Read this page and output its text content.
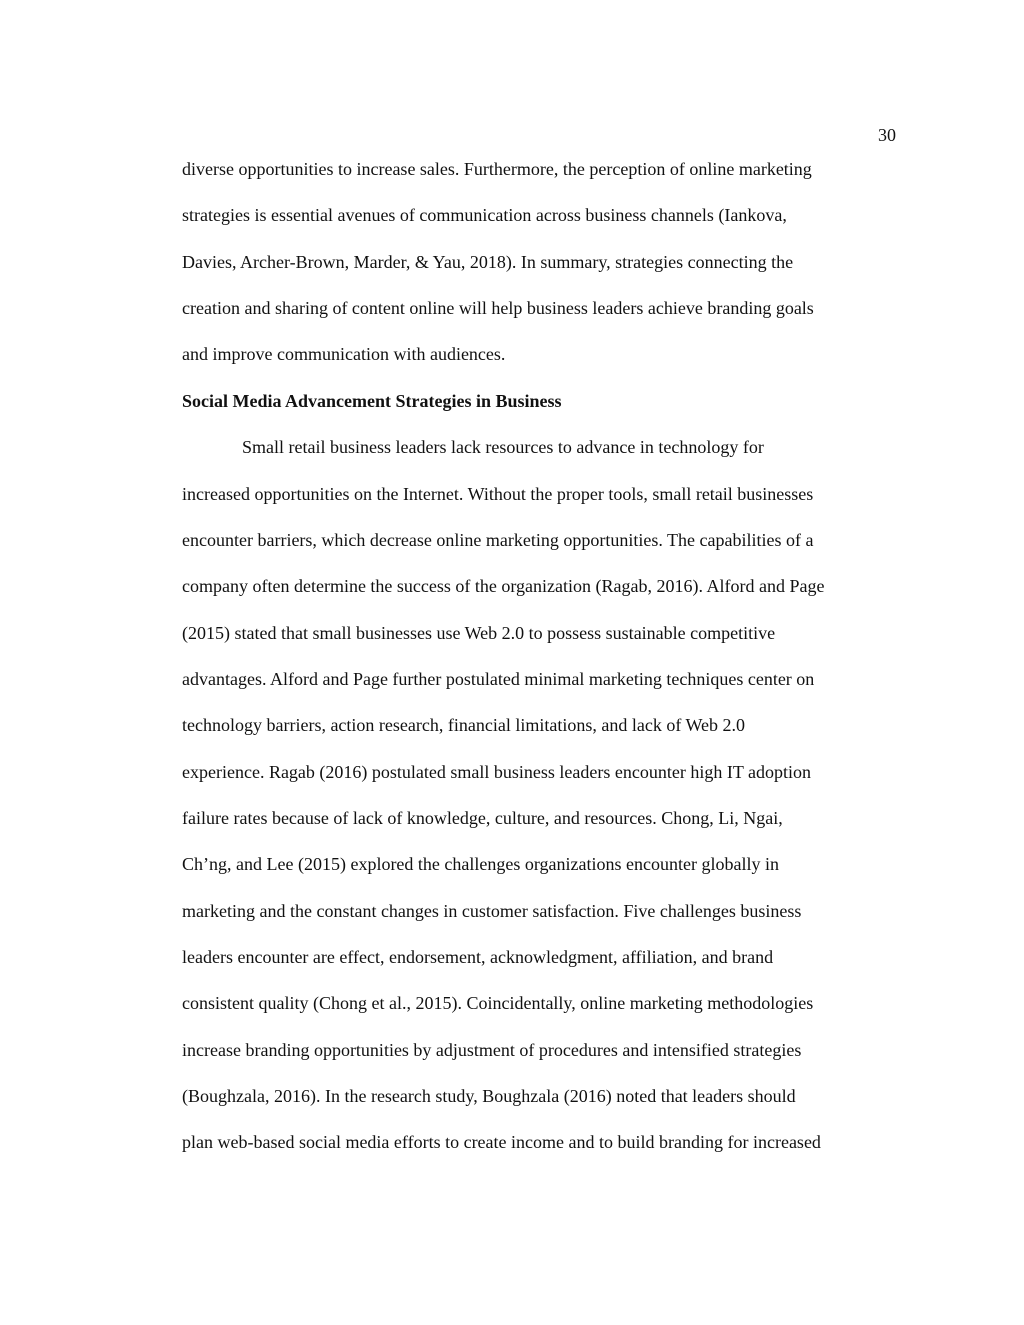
30
diverse opportunities to increase sales. Furthermore, the perception of online marketing
strategies is essential avenues of communication across business channels (Iankova,
Davies, Archer-Brown, Marder, & Yau, 2018). In summary, strategies connecting the
creation and sharing of content online will help business leaders achieve branding goals
and improve communication with audiences.
Social Media Advancement Strategies in Business
Small retail business leaders lack resources to advance in technology for
increased opportunities on the Internet. Without the proper tools, small retail businesses
encounter barriers, which decrease online marketing opportunities. The capabilities of a
company often determine the success of the organization (Ragab, 2016). Alford and Page
(2015) stated that small businesses use Web 2.0 to possess sustainable competitive
advantages. Alford and Page further postulated minimal marketing techniques center on
technology barriers, action research, financial limitations, and lack of Web 2.0
experience. Ragab (2016) postulated small business leaders encounter high IT adoption
failure rates because of lack of knowledge, culture, and resources. Chong, Li, Ngai,
Ch’ng, and Lee (2015) explored the challenges organizations encounter globally in
marketing and the constant changes in customer satisfaction. Five challenges business
leaders encounter are effect, endorsement, acknowledgment, affiliation, and brand
consistent quality (Chong et al., 2015). Coincidentally, online marketing methodologies
increase branding opportunities by adjustment of procedures and intensified strategies
(Boughzala, 2016). In the research study, Boughzala (2016) noted that leaders should
plan web-based social media efforts to create income and to build branding for increased
